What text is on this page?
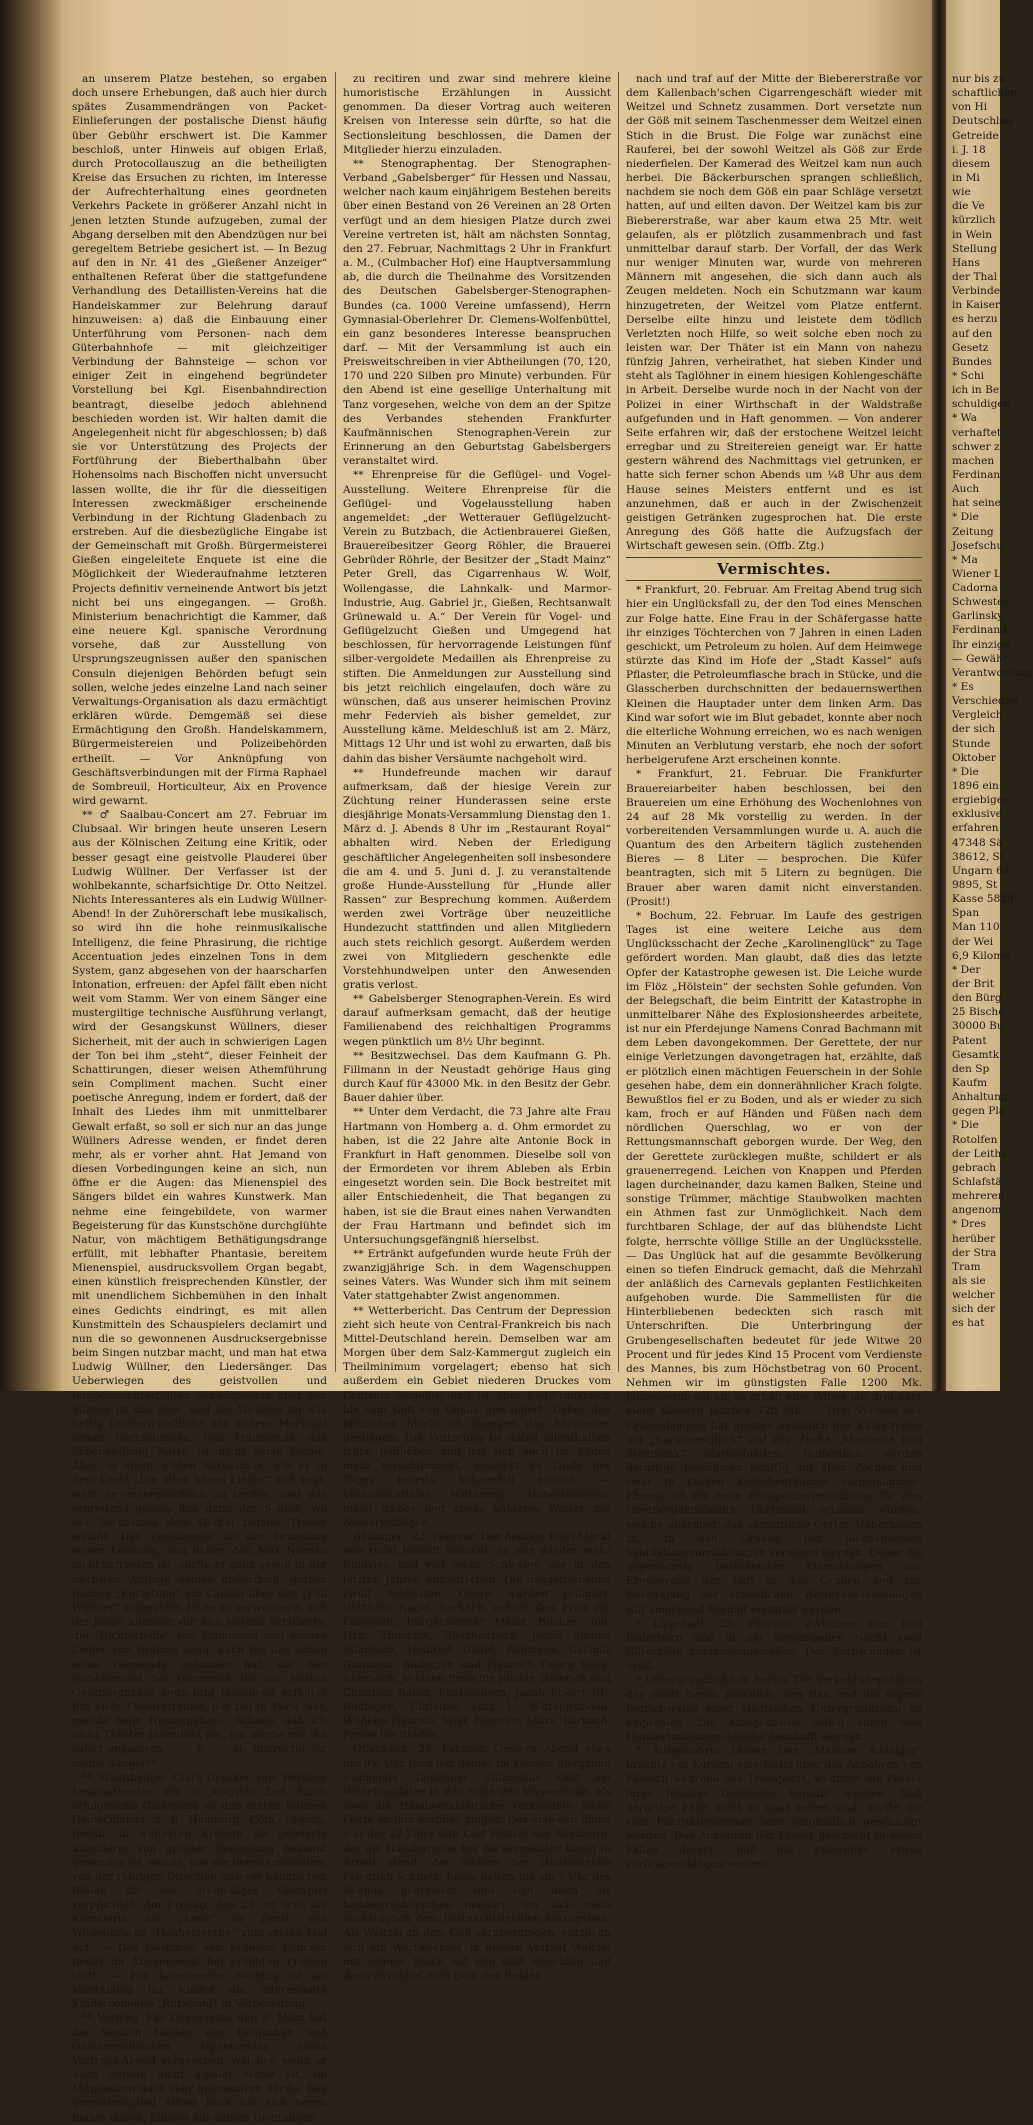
an unserem Platze bestehen, so ergaben doch unsere Erhebungen, daß auch hier durch spätes Zusammendrängen von Packet-Einlieferungen der postalische Dienst häufig über Gebühr erschwert ist. Die Kammer beschloß, unter Hinweis auf obigen Erlaß, durch Protocollauszug an die betheiligten Kreise das Ersuchen zu richten, im Interesse der Aufrechterhaltung eines geordneten Verkehrs Packete in größerer Anzahl nicht in jenen letzten Stunde aufzugeben, zumal der Abgang derselben mit den Abendzügen nur bei geregeltem Betriebe gesichert ist. — In Bezug auf den in Nr. 41 des „Gießener Anzeiger“ enthaltenen Referat über die stattgefundene Verhandlung des Detaillisten-Vereins hat die Handelskammer zur Belehrung darauf hinzuweisen: a) daß die Einbauung einer Unterführung vom Personen- nach dem Güterbahnhofe — mit gleichzeitiger Verbindung der Bahnsteige — schon vor einiger Zeit in eingehend begründeter Vorstellung bei Kgl. Eisenbahndirection beantragt, dieselbe jedoch ablehnend beschieden worden ist. Wir halten damit die Angelegenheit nicht für abgeschlossen; b) daß sie vor Unterstützung des Projects der Fortführung der Bieberthalbahn über Hohensolms nach Bischoffen nicht unversucht lassen wollte, die ihr für die diesseitigen Interessen zweckmäßiger erscheinende Verbindung in der Richtung Gladenbach zu erstreben. Auf die diesbezügliche Eingabe ist der Gemeinschaft mit Großh. Bürgermeisterei Gießen eingeleitete Enquete ist eine die Möglichkeit der Wiederaufnahme letzteren Projects definitiv verneinende Antwort bis jetzt nicht bei uns eingegangen. — Großh. Ministerium benachrichtigt die Kammer, daß eine neuere Kgl. spanische Verordnung vorsehe, daß zur Ausstellung von Ursprungszeugnissen außer den spanischen Consuln diejenigen Behörden befugt sein sollen, welche jedes einzelne Land nach seiner Verwaltungs-Organisation als dazu ermächtigt erklären würde. Demgemäß sei diese Ermächtigung den Großh. Handelskammern, Bürgermeistereien und Polizeibehörden ertheilt. — Vor Anknüpfung von Geschäftsverbindungen mit der Firma Raphael de Sombreuil, Horticulteur, Aix en Provence wird gewarnt.

** ♂ Saalbau-Concert am 27. Februar im Clubsaal. Wir bringen heute unseren Lesern aus der Kölnischen Zeitung eine Kritik, oder besser gesagt eine geistvolle Plauderei über Ludwig Wüllner. Der Verfasser ist der wohlbekannte, scharfsichtige Dr. Otto Neitzel. Nichts Interessanteres als ein Ludwig Wüllner-Abend! In der Zuhörerschaft lebe musikalisch, so wird ihn die hohe reinmusikalische Intelligenz, die feine Phrasirung, die richtige Accentuation jedes einzelnen Tons in dem System, ganz abgesehen von der haarscharfen Intonation, erfreuen: der Apfel fällt eben nicht weit vom Stamm. Wer von einem Sänger eine mustergiltige technische Ausführung verlangt, wird der Gesangskunst Wüllners, dieser Sicherheit, mit der auch in schwierigen Lagen der Ton bei ihm „steht“, dieser Feinheit der Schattirungen, dieser weisen Athemführung sein Compliment machen. Sucht einer poetische Anregung, indem er fordert, daß der Inhalt des Liedes ihm mit unmittelbarer Gewalt erfaßt, so soll er sich nur an das junge Wüllners Adresse wenden, er findet deren mehr, als er vorher ahnt. Hat Jemand von diesen Vorbedingungen keine an sich, nun öffne er die Augen: das Mienenspiel des Sängers bildet ein wahres Kunstwerk. Man nehme eine feingebildete, von warmer Begeisterung für das Kunstschöne durchglühte Natur, von mächtigem Bethätigungsdrange erfüllt, mit lebhafter Phantasie, bereitem Mienenspiel, ausdrucksvollem Organ begabt, einen künstlich freisprechenden Künstler, der mit unendlichem Sichbemühen in den Inhalt eines Gedichts eindringt, es mit allen Kunstmitteln des Schauspielers declamirt und nun die so gewonnenen Ausdrucksergebnisse beim Singen nutzbar macht, und man hat etwa Ludwig Wüllner, den Liedersänger. Das Ueberwiegen des geistvollen und temperamenterfüllten Schauspielers über den Sänger ist das eine, und die Vorliebe für das heftig Leidenschaftliche das andere Merkmal seiner Darbietungen. Das Träumende, das liebenswürdig Naive ist nicht seine Sache. Aber so einen wilden Sarkasmus, wie er in dem Liede „Die alten bösen Lieder“ sich regt, weiß er unvergleichlich zu treffen, und wie ergreifend gelang ihm dann der Schluß, wo der Sarkasmus dem Gefühl tiefster Trauer weicht. Das Emotionelle ist der Grundzug seiner Leistung, und daher, daß Max Nordau nicht zufrieden ist, dürfte er ganz gewiß in der nächsten Auflage seines dialectisch spitzen Buches „Entartung“ ein Capitel über den „Fall Wüllner“ aufgestellt. Ist es zu verwundern, daß der junge Künstler, der sich seltene Schuberts, die „Dichterliebe“ von Schumann und andere Lieder von Brahms sang, auch bei uns schon seine Gemeinde gefunden hat, die den Isabellensaal des Gürzenich bis zur letzten Gesangsphrase andächtig lauschend erfüllte? Ein alter Theaterfreund, der bei in Paris war, meinte beim Hinausgehen: „Schade, daß ich nicht Theater-Intendant bin, ich würde mir ihn sofort engagiren . . . „P . . . als Instructor für meine Sänger!“

** Stadttheater. Clara Drucker vom Berliner Lessingtheater, die in jüngster Zeit durch erfolgreiche Gastspiele an den ersten Bühnen Deutschlands, z. B. Hamburg, Cöln, Leipzig, Berlin, in weitesten Kreisen als gefeierte Künstlerin von größter Bedeutung bekannt geworden ist, wurde, wie wir bereits meldeten, von der rührigen Direction unserer heimischen Bühne für ein dreimaliges Gastspiel verpflichtet. Am Freitag, den 25. cr. tritt die Künstlerin als „Lene“ in Ernst von Wildenbruchs „Haubenlerche“ zum ersten Mal auf. — Das Gastspiel von Fräulein Drucker findet im Abonnement bei erhöhten Preisen statt. — Für kommenden Sonntag ist als Vorstellung für Kinder die interessante Kindercomödie „Rübezahl“ in Vorbereitung.

** Vortrag. Für Donnerstag den 3. März hat die Section Gießen des Deutschen und Oesterreichischen Alpenvereins einen Vortrags-Abend vorgesehen, welcher, wenn er auch gerade nicht alpiner Natur ist, im Mitgliedern doch sehr interessiren dürfte. Das Vereinsmitglied Alfred Bock hat sich bereit finden lassen, Einiges aus seinen Dichtungen

zu recitiren und zwar sind mehrere kleine humoristische Erzählungen in Aussicht genommen. Da dieser Vortrag auch weiteren Kreisen von Interesse sein dürfte, so hat die Sectionsleitung beschlossen, die Damen der Mitglieder hierzu einzuladen.

** Stenographentag. Der Stenographen-Verband „Gabelsberger“ für Hessen und Nassau, welcher nach kaum einjährigem Bestehen bereits über einen Bestand von 26 Vereinen an 28 Orten verfügt und an dem hiesigen Platze durch zwei Vereine vertreten ist, hält am nächsten Sonntag, den 27. Februar, Nachmittags 2 Uhr in Frankfurt a. M., (Culmbacher Hof) eine Hauptversammlung ab, die durch die Theilnahme des Vorsitzenden des Deutschen Gabelsberger-Stenographen-Bundes (ca. 1000 Vereine umfassend), Herrn Gymnasial-Oberlehrer Dr. Clemens-Wolfenbüttel, ein ganz besonderes Interesse beanspruchen darf. — Mit der Versammlung ist auch ein Preisweitschreiben in vier Abtheilungen (70, 120, 170 und 220 Silben pro Minute) verbunden. Für den Abend ist eine gesellige Unterhaltung mit Tanz vorgesehen, welche von dem an der Spitze des Verbandes stehenden Frankfurter Kaufmännischen Stenographen-Verein zur Erinnerung an den Geburtstag Gabelsbergers veranstaltet wird.

** Ehrenpreise für die Geflügel- und Vogel-Ausstellung. Weitere Ehrenpreise für die Geflügel- und Vogelausstellung haben angemeldet: „der Wetterauer Geflügelzucht-Verein zu Butzbach, die Actienbrauerei Gießen, Brauereibesitzer Georg Röhler, die Brauerei Gebrüder Röhrle, der Besitzer der „Stadt Mainz“ Peter Grell, das Cigarrenhaus W. Wolf, Wollengasse, die Lahnkalk- und Marmor-Industrie, Aug. Gabriel jr., Gießen, Rechtsanwalt Grünewald u. A.“ Der Verein für Vogel- und Geflügelzucht Gießen und Umgegend hat beschlossen, für hervorragende Leistungen fünf silber-vergoldete Medaillen als Ehrenpreise zu stiften. Die Anmeldungen zur Ausstellung sind bis jetzt reichlich eingelaufen, doch wäre zu wünschen, daß aus unserer heimischen Provinz mehr Federvieh als bisher gemeldet, zur Ausstellung käme. Meldeschluß ist am 2. März, Mittags 12 Uhr und ist wohl zu erwarten, daß bis dahin das bisher Versäumte nachgeholt wird.

** Hundefreunde machen wir darauf aufmerksam, daß der hiesige Verein zur Züchtung reiner Hunderassen seine erste diesjährige Monats-Versammlung Dienstag den 1. März d. J. Abends 8 Uhr im „Restaurant Royal“ abhalten wird. Neben der Erledigung geschäftlicher Angelegenheiten soll insbesondere die am 4. und 5. Juni d. J. zu veranstaltende große Hunde-Ausstellung für „Hunde aller Rassen“ zur Besprechung kommen. Außerdem werden zwei Vorträge über neuzeitliche Hundezucht stattfinden und allen Mitgliedern auch stets reichlich gesorgt. Außerdem werden zwei von Mitgliedern geschenkte edle Vorstehhundwelpen unter den Anwesenden gratis verlost.

** Gabelsberger Stenographen-Verein. Es wird darauf aufmerksam gemacht, daß der heutige Familienabend des reichhaltigen Programms wegen pünktlich um 8½ Uhr beginnt.

** Besitzwechsel. Das dem Kaufmann G. Ph. Fillmann in der Neustadt gehörige Haus ging durch Kauf für 43000 Mk. in den Besitz der Gebr. Bauer dahier über.

** Unter dem Verdacht, die 73 Jahre alte Frau Hartmann von Homberg a. d. Ohm ermordet zu haben, ist die 22 Jahre alte Antonie Bock in Frankfurt in Haft genommen. Dieselbe soll von der Ermordeten vor ihrem Ableben als Erbin eingesetzt worden sein. Die Bock bestreitet mit aller Entschiedenheit, die That begangen zu haben, ist sie die Braut eines nahen Verwandten der Frau Hartmann und befindet sich im Untersuchungsgefängniß hierselbst.

** Ertränkt aufgefunden wurde heute Früh der zwanzigjährige Sch. in dem Wagenschuppen seines Vaters. Was Wunder sich ihm mit seinem Vater stattgehabter Zwist angenommen.

** Wetterbericht. Das Centrum der Depression zieht sich heute von Central-Frankreich bis nach Mittel-Deutschland herein. Demselben war am Morgen über dem Salz-Kammergut zugleich ein Theilminimum vorgelagert; ebenso hat sich außerdem ein Gebiet niederen Druckes vom Centrum losgelöst und ist über Süd-Frankreich bis zum Golf von Genua gewandert. Ueber den britischen Inseln ist dagegen das Barometer gestiegen. Die Witterung ist dabei allenthalben trübe geblieben und hat sich auch im Süden mehr verschlimmert, woselbst im Laufe des Tages bereits Schneefall eintrat. — Voraussichtliche Witterung: Unbeständiges, meist trübes und etwas kühleres Wetter mit Niederschlägen.

Büdingen, 22. Februar. Der heutige Petri-Markt war recht lebhaft besucht, es war wieder mehr Rindvieh und viel mehr Schweine wie in den letzten Jahren aufgetrieben. Die ausgetriebenen zwölf schönsten Thiere wurden prämiirt. Gottfried Nagel, Lorbach, erhielt den Preis für Faselvieh, Bürgermeister Mäler, Büches, Joh. Hch. Emmrich, Bleichenbach, Jacob Sinner, Rohrbach, Heinrich Distel, Büdingen, Casimir Gutmann, Büdingen und Heinrich Georg Velte, Rohrbach, je einen Preis für Rinder. Heinrich und Christian Bauer, Bindsachsen, Jacob Eckert III., Büdingen, Christian Lotz I., Wittelgründau, Wilhelm Henrich, Wolf, Heinrich Stürz, Lorbach, Preise für Rinder.

Offenbach, 23. Februar. Gestern Abend etwa um 9½ Uhr fand der dahier im kleinen Biergrund wohnende Taglöhner Ambrosius Göß am Wilhelmsplatze in der Nähe der Wasserbude, als zwei als Handwerksbursche verkleidete junge Leute an ihm vorüber gingen. Der eine von ihnen war der 22 Jahre alte Karl Weitzel aus Altenburg, der als Hausbursche bei Bäckermeister König in Arbeit stand, der andere der Hausbursche Friedrich Schnetz. Beide hatten bis um 7 Uhr des Abends gearbeitet und sich dann als handwerksburschen maskirt, um sich noch nachträglich dem Fastnachtstreiben hinzugeben. Als Weitzel an dem Göß vorübergingen, entspann sich ein Wortwechsel, in dessen Verlauf Weitzel mit seinem Stock auf den Göß einschlug und dann davonlief. Göß ging den Beiden

nach und traf auf der Mitte der Biebererstraße vor dem Kallenbach'schen Cigarrengeschäft wieder mit Weitzel und Schnetz zusammen. Dort versetzte nun der Göß mit seinem Taschenmesser dem Weitzel einen Stich in die Brust. Die Folge war zunächst eine Rauferei, bei der sowohl Weitzel als Göß zur Erde niederfielen. Der Kamerad des Weitzel kam nun auch herbei. Die Bäckerburschen sprangen schließlich, nachdem sie noch dem Göß ein paar Schläge versetzt hatten, auf und eilten davon. Der Weitzel kam bis zur Biebererstraße, war aber kaum etwa 25 Mtr. weit gelaufen, als er plötzlich zusammenbrach und fast unmittelbar darauf starb. Der Vorfall, der das Werk nur weniger Minuten war, wurde von mehreren Männern mit angesehen, die sich dann auch als Zeugen meldeten. Noch ein Schutzmann war kaum hinzugetreten, der Weitzel vom Platze entfernt. Derselbe eilte hinzu und leistete dem tödlich Verletzten noch Hilfe, so weit solche eben noch zu leisten war. Der Thäter ist ein Mann von nahezu fünfzig Jahren, verheirathet, hat sieben Kinder und steht als Taglöhner in einem hiesigen Kohlengeschäfte in Arbeit. Derselbe wurde noch in der Nacht von der Polizei in einer Wirthschaft in der Waldstraße aufgefunden und in Haft genommen. — Von anderer Seite erfahren wir, daß der erstochene Weitzel leicht erregbar und zu Streitereien geneigt war. Er hatte gestern während des Nachmittags viel getrunken, er hatte sich ferner schon Abends um ¼8 Uhr aus dem Hause seines Meisters entfernt und es ist anzunehmen, daß er auch in der Zwischenzeit geistigen Getränken zugesprochen hat. Die erste Anregung des Göß hatte die Aufzugsfach der Wirtschaft gewesen sein. (Offb. Ztg.)

Vermischtes.

* Frankfurt, 20. Februar. Am Freitag Abend trug sich hier ein Unglücksfall zu, der den Tod eines Menschen zur Folge hatte. Eine Frau in der Schäfergasse hatte ihr einziges Töchterchen von 7 Jahren in einen Laden geschickt, um Petroleum zu holen. Auf dem Heimwege stürzte das Kind im Hofe der „Stadt Kassel“ aufs Pflaster, die Petroleumflasche brach in Stücke, und die Glasscherben durchschnitten der bedauernswerthen Kleinen die Hauptader unter dem linken Arm. Das Kind war sofort wie im Blut gebadet, konnte aber noch die elterliche Wohnung erreichen, wo es nach wenigen Minuten an Verblutung verstarb, ehe noch der sofort herbeigerufene Arzt erscheinen konnte.

* Frankfurt, 21. Februar. Die Frankfurter Brauereiarbeiter haben beschlossen, bei den Brauereien um eine Erhöhung des Wochenlohnes von 24 auf 28 Mk vorstellig zu werden. In der vorbereitenden Versammlungen wurde u. A. auch die Quantum des den Arbeitern täglich zustehenden Bieres — 8 Liter — besprochen. Die Küfer beantragten, sich mit 5 Litern zu begnügen. Die Brauer aber waren damit nicht einverstanden. (Prosit!)

* Bochum, 22. Februar. Im Laufe des gestrigen Tages ist eine weitere Leiche aus dem Unglücksschacht der Zeche „Karolinenglück“ zu Tage gefördert worden. Man glaubt, daß dies das letzte Opfer der Katastrophe gewesen ist. Die Leiche wurde im Flöz „Hölstein“ der sechsten Sohle gefunden. Von der Belegschaft, die beim Eintritt der Katastrophe in unmittelbarer Nähe des Explosionsheerdes arbeitete, ist nur ein Pferdejunge Namens Conrad Bachmann mit dem Leben davongekommen. Der Gerettete, der nur einige Verletzungen davongetragen hat, erzählte, daß er plötzlich einen mächtigen Feuerschein in der Sohle gesehen habe, dem ein donnerähnlicher Krach folgte. Bewußtlos fiel er zu Boden, und als er wieder zu sich kam, froch er auf Händen und Füßen nach dem nördlichen Querschlag, wo er von der Rettungsmannschaft geborgen wurde. Der Weg, den der Gerettete zurücklegen mußte, schildert er als grauenerregend. Leichen von Knappen und Pferden lagen durcheinander, dazu kamen Balken, Steine und sonstige Trümmer, mächtige Staubwolken machten ein Athmen fast zur Unmöglichkeit. Nach dem furchtbaren Schlage, der auf das blühendste Licht folgte, herrschte völlige Stille an der Unglücksstelle. — Das Unglück hat auf die gesammte Bevölkerung einen so tiefen Eindruck gemacht, daß die Mehrzahl der anläßlich des Carnevals geplanten Festlichkeiten aufgehoben wurde. Die Sammellisten für die Hinterbliebenen bedeckten sich rasch mit Unterschriften. Die Unterbringung der Grubengesellschaften bedeutet für jede Witwe 20 Procent und für jedes Kind 15 Procent vom Verdienste des Mannes, bis zum Höchstbetrag von 60 Procent. Nehmen wir im günstigsten Falle 1200 Mk. Jahresverdienst an, so erhält eine Witwe mit drei oder mehr Kindern jährlich 720 Mk. — Drei Vereine der Grubenlampen hat gestern anläßlich der Katastrophe auf „Karolinenglück“ auf der Zeche „Marianne und Steinbank“ stattgefunden. Hoffentlich werden derartige Revisionen künftig auf allen Zechen und zwar in kurzen Zwischenräumen vorgenommen. Ebenso ist die neue Bergpolizeiverordnung für den Oberbergamtsbezirk Dortmund erlassen worden, welche anordnet, daß sämmtliche Oerter, Ueberhauen zc. in den Gruben mit mechanischen Ventilationsvorrichtungen versehen werden. Ueber die gegenwärtig bestehenden Einrichtungen zur Erneuerung der Luft in den Gruben und zur Beseitigung der schädlichen Wetteransammlungen soll umgehend Bericht erstattet werden.

* Lippstadt, 23. Februar. Zwischen hier und Paderborn sind in der vergangenen Nacht zwei Güterzüge zusammengestoßen. Der Sachschaden ist groß.

* Untergrundbahn in Berlin. Die Verkehrsdeputation der Stadt Berlin beschloß, den Bau und die eigene Betriebsreise einer städtischen Untergrundbahn zu empfehlen. Die Anlagekosten sollen durch eine Hundertmillionen-Anleihe beschafft werden.

* Ausgebohrte Fässer. Der „Mainzer Anzeiger“ brachte vor Kurzem eine Notiz über das Anbohren von Fässern während des Transports, wodurch die Fässer ihres Inhaltes theilweise beraubt werden. Daß derartige Fälle nicht so ganz selten sind, dürfte die vom Fuhrunternehmer sehr empfindlich geschädigt werden. Das Anbohren der Fässer geschieht in vielen Fällen derart, daß die Fahrreifen etwas zurückgeschlagen werden,

nur bis zu
schaftlichen
von Hi
Deutschlan
Getreide
i. J. 18
diesem
in Mi
wie
die Ve
kürzlich
in Wein
Stellung
Hans
der Thal
Verbinde
in Kaiser
es herzu
auf den
Gesetz
Bundes
* Schi
ich in Be
schuldigen
* Wa
verhaftet
schwer z
machen
Ferdinan
Auch
hat seine
* Die
Zeitung
Josefschu
* Ma
Wiener L
Cadorna
Schwester
Garlinsky
Ferdinand
Ihr einzige
— Gewähr
Verantwortung
* Es
Verschiedne
Vergleich
der sich
Stunde
Oktober
* Die
1896 ein
ergiebigen
exklusive
erfahren
47348 Sä
38612, Si
Ungarn 62
9895, St
Kasse 5829
Span
Man 110,
der Wei
6,9 Kilome
* Der
der Brit
den Bürg
25 Bischo
30000 Bu
Patent
Gesamtk
den Sp
Kaufm
Anhaltung
gegen Pla
* Die
Rotolfen
der Leitha
gebrach
Schlafstä
mehreren
angenom
* Dres
herüber
der Stra
Tram
als sie
welcher
sich der
es hat
